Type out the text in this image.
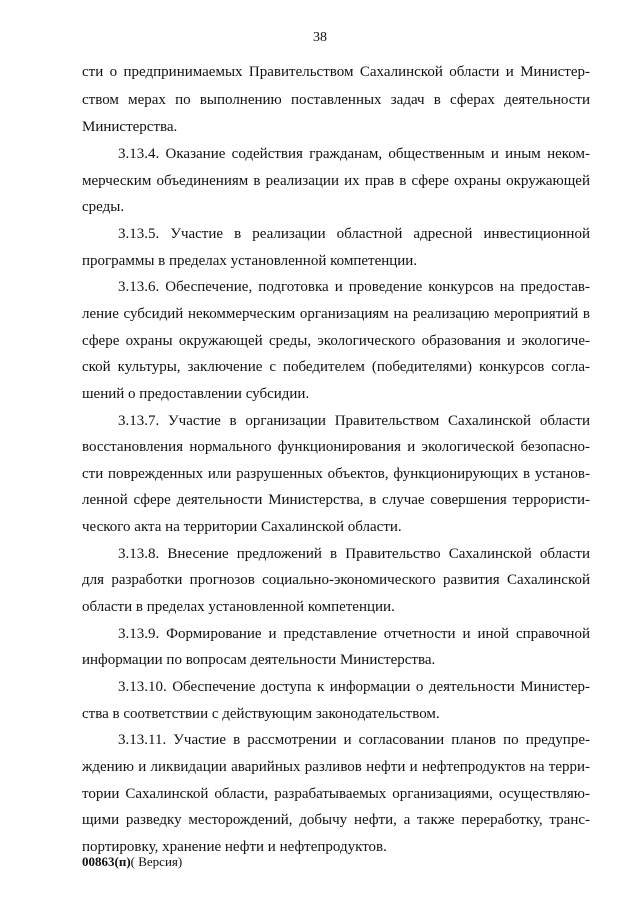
38
сти о предпринимаемых Правительством Сахалинской области и Министер-
ством мерах по выполнению поставленных задач в сферах деятельности
Министерства.
3.13.4. Оказание содействия гражданам, общественным и иным неком-
мерческим объединениям в реализации их прав в сфере охраны окружающей
среды.
3.13.5. Участие в реализации областной адресной инвестиционной
программы в пределах установленной компетенции.
3.13.6. Обеспечение, подготовка и проведение конкурсов на предостав-
ление субсидий некоммерческим организациям на реализацию мероприятий в
сфере охраны окружающей среды, экологического образования и экологиче-
ской культуры, заключение с победителем (победителями) конкурсов согла-
шений о предоставлении субсидии.
3.13.7. Участие в организации Правительством Сахалинской области
восстановления нормального функционирования и экологической безопасно-
сти поврежденных или разрушенных объектов, функционирующих в установ-
ленной сфере деятельности Министерства, в случае совершения террористи-
ческого акта на территории Сахалинской области.
3.13.8. Внесение предложений в Правительство Сахалинской области
для разработки прогнозов социально-экономического развития Сахалинской
области в пределах установленной компетенции.
3.13.9. Формирование и представление отчетности и иной справочной
информации по вопросам деятельности Министерства.
3.13.10. Обеспечение доступа к информации о деятельности Министер-
ства в соответствии с действующим законодательством.
3.13.11. Участие в рассмотрении и согласовании планов по предупре-
ждению и ликвидации аварийных разливов нефти и нефтепродуктов на терри-
тории Сахалинской области, разрабатываемых организациями, осуществляю-
щими разведку месторождений, добычу нефти, а также переработку, транс-
портировку, хранение нефти и нефтепродуктов.
00863(п)( Версия)
